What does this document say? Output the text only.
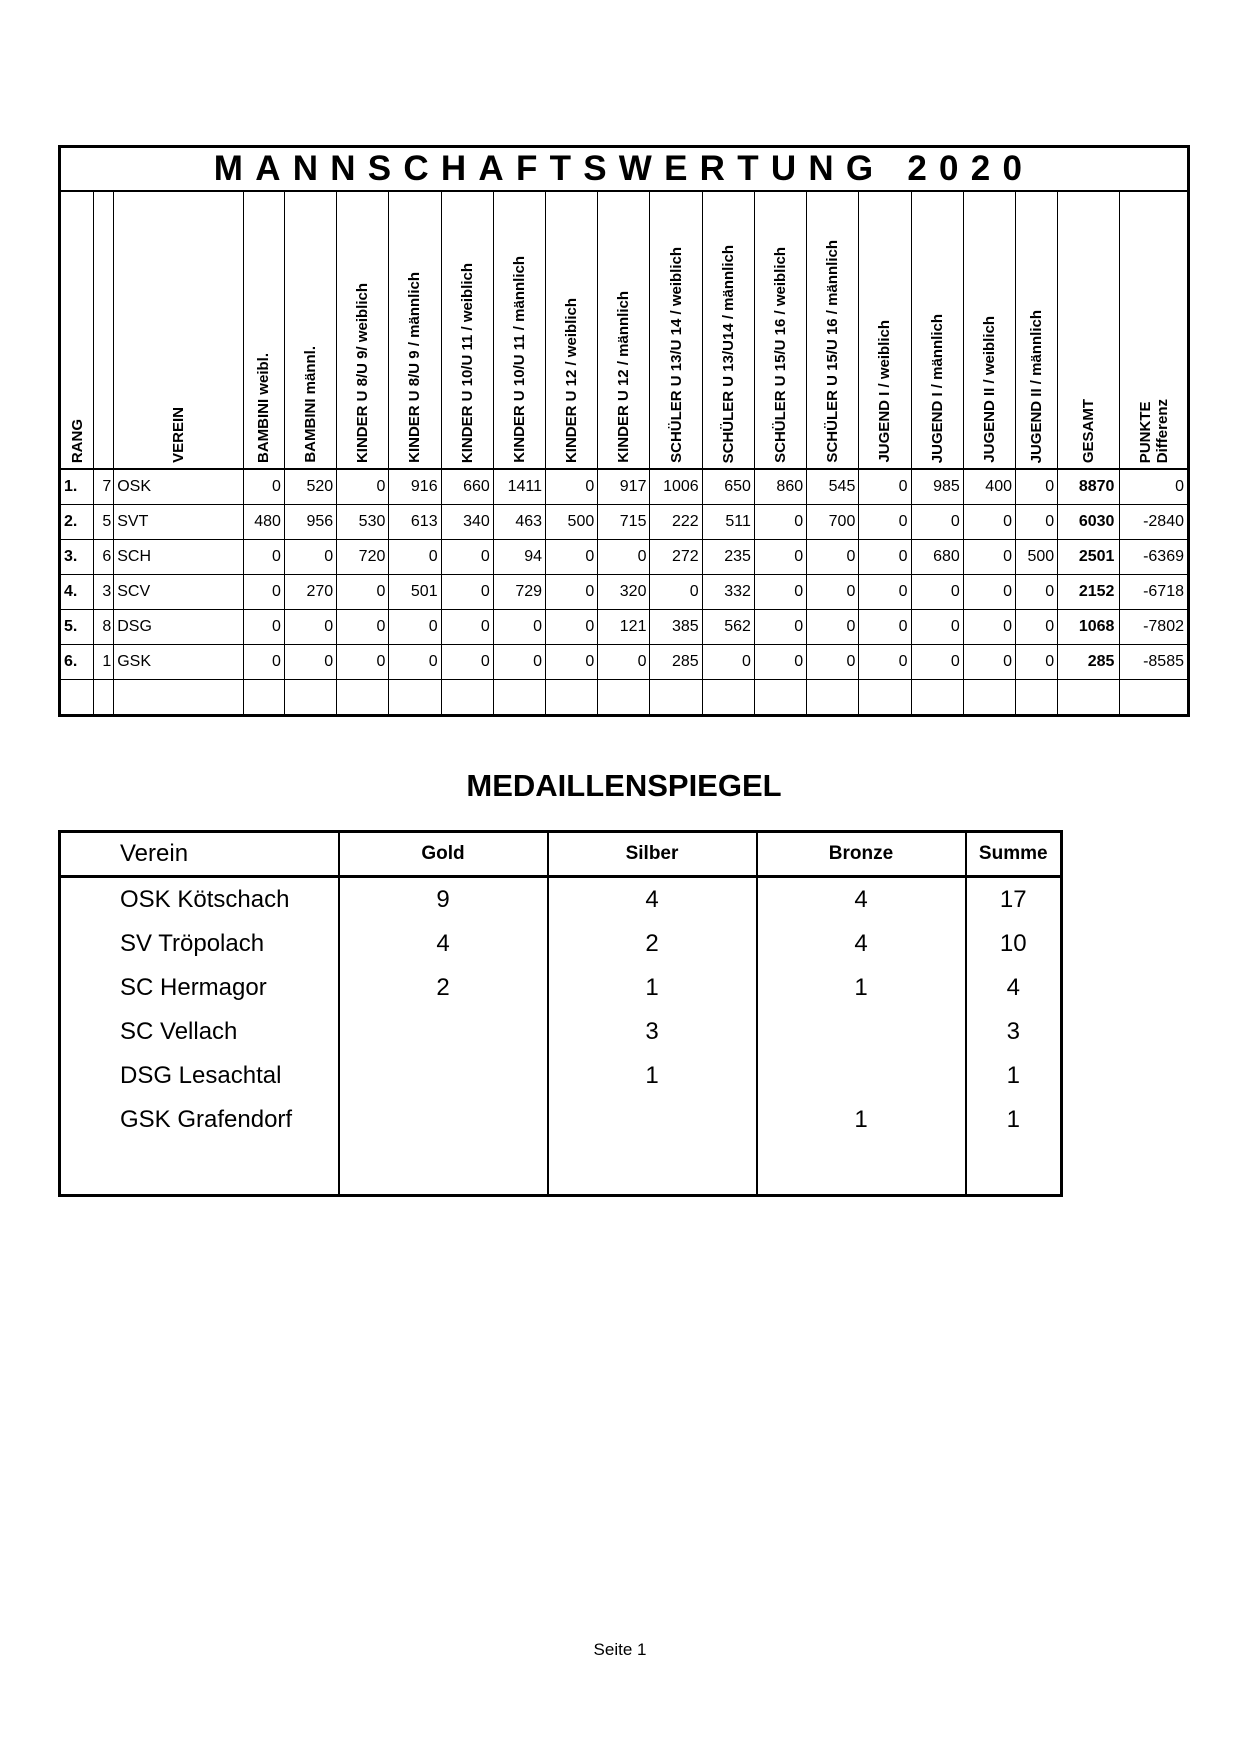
MANNSCHAFTSWERTUNG 2020																				
RANG		VEREIN	BAMBINI weibl.	BAMBINI männl.	KINDER U 8/U 9/ weiblich	KINDER U 8/U 9 / männlich	KINDER U 10/U 11 / weiblich	KINDER U 10/U 11 / männlich	KINDER U 12 / weiblich	KINDER U 12 / männlich	SCHÜLER U 13/U 14 / weiblich	SCHÜLER U 13/U14 / männlich	SCHÜLER U 15/U 16 / weiblich	SCHÜLER U 15/U 16 / männlich	JUGEND I / weiblich	JUGEND I / männlich	JUGEND II / weiblich	JUGEND II / männlich	GESAMT	PUNKTE
Differenz
1.	7	OSK	0	520	0	916	660	1411	0	917	1006	650	860	545	0	985	400	0	8870	0
2.	5	SVT	480	956	530	613	340	463	500	715	222	511	0	700	0	0	0	0	6030	-2840
3.	6	SCH	0	0	720	0	0	94	0	0	272	235	0	0	0	680	0	500	2501	-6369
4.	3	SCV	0	270	0	501	0	729	0	320	0	332	0	0	0	0	0	0	2152	-6718
5.	8	DSG	0	0	0	0	0	0	0	121	385	562	0	0	0	0	0	0	1068	-7802
6.	1	GSK	0	0	0	0	0	0	0	0	285	0	0	0	0	0	0	0	285	-8585

MEDAILLENSPIEGEL
Verein	Gold	Silber	Bronze	Summe
OSK Kötschach	9	4	4	17
SV Tröpolach	4	2	4	10
SC Hermagor	2	1	1	4
SC Vellach		3		3
DSG Lesachtal		1		1
GSK Grafendorf			1	1

Seite 1
